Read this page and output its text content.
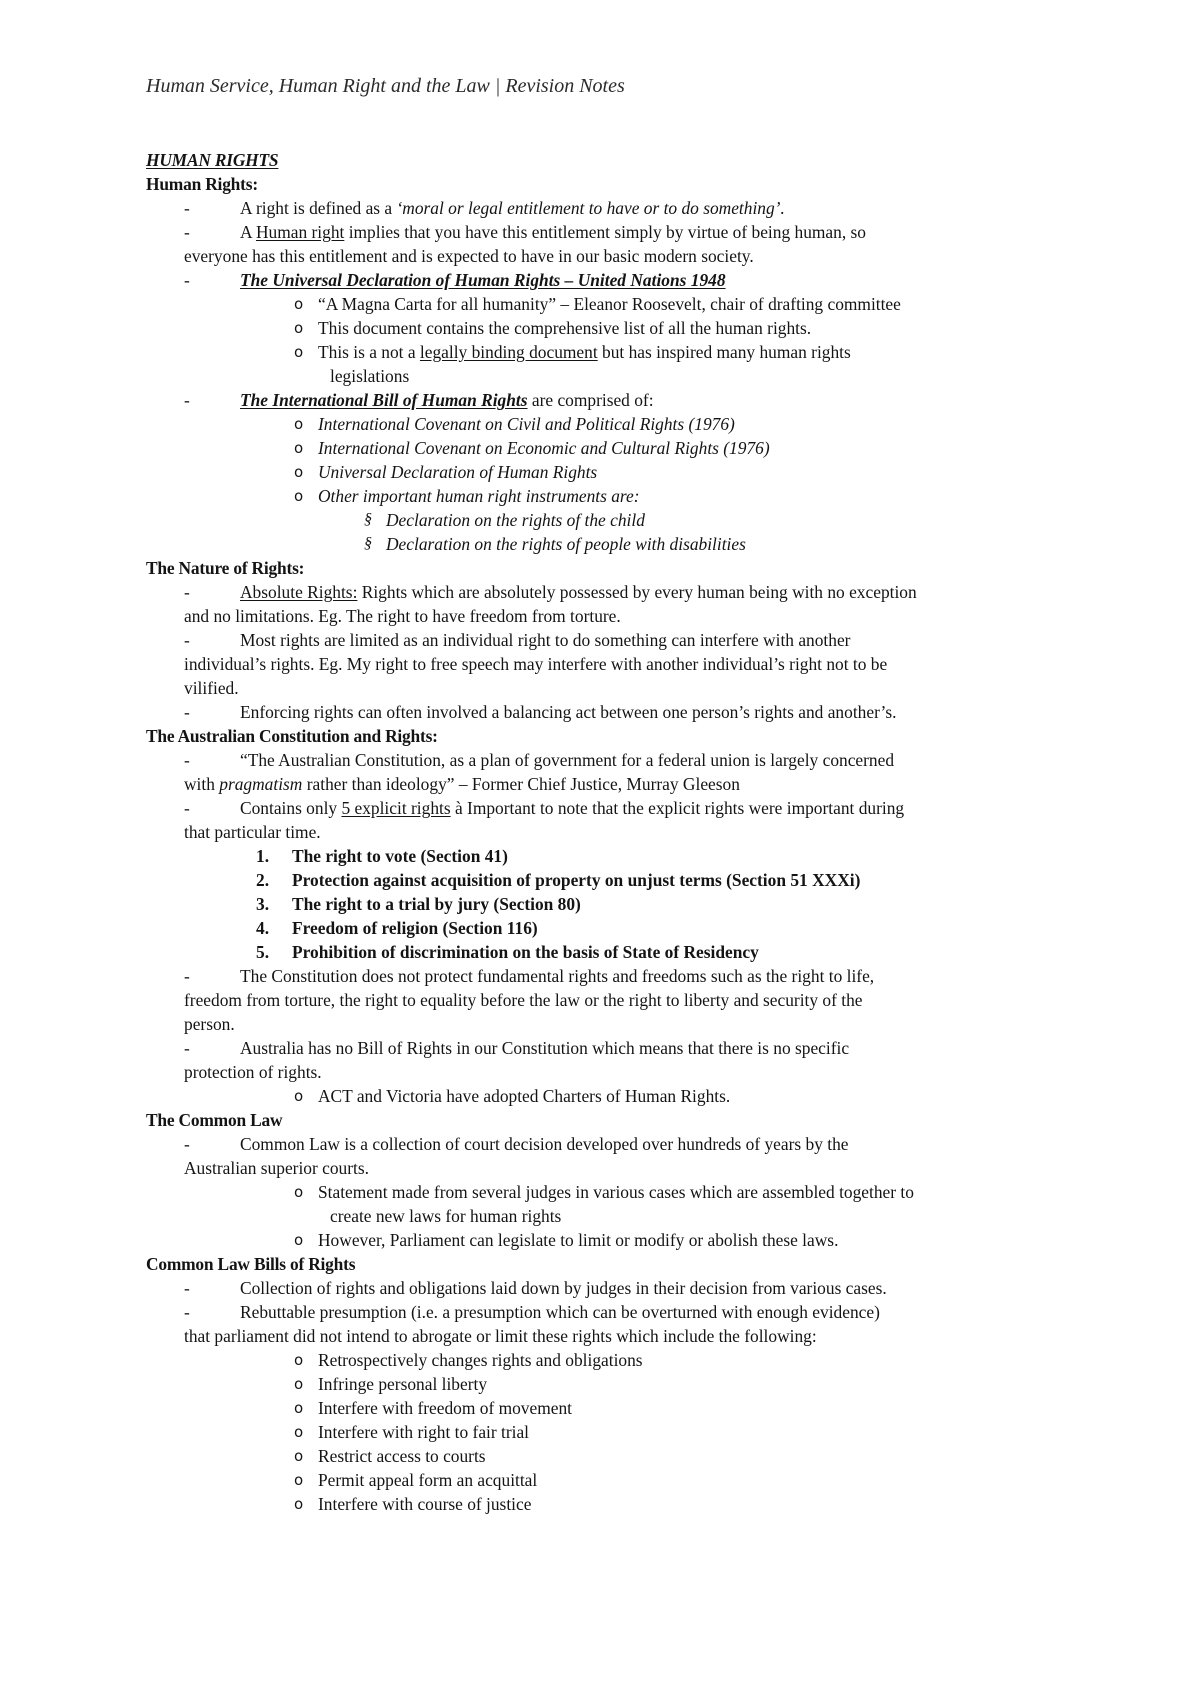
Human Service, Human Right and the Law | Revision Notes
HUMAN RIGHTS
Human Rights:
-	A right is defined as a ‘moral or legal entitlement to have or to do something’.
-	A Human right implies that you have this entitlement simply by virtue of being human, so
everyone has this entitlement and is expected to have in our basic modern society.
-	The Universal Declaration of Human Rights – United Nations 1948
o “A Magna Carta for all humanity” – Eleanor Roosevelt, chair of drafting committee
o This document contains the comprehensive list of all the human rights.
o This is a not a legally binding document but has inspired many human rights
legislations
-	The International Bill of Human Rights are comprised of:
o International Covenant on Civil and Political Rights (1976)
o International Covenant on Economic and Cultural Rights (1976)
o Universal Declaration of Human Rights
o Other important human right instruments are:
§ Declaration on the rights of the child
§ Declaration on the rights of people with disabilities
The Nature of Rights:
-	Absolute Rights: Rights which are absolutely possessed by every human being with no exception
and no limitations. Eg. The right to have freedom from torture.
-	Most rights are limited as an individual right to do something can interfere with another
individual’s rights. Eg. My right to free speech may interfere with another individual’s right not to be
vilified.
-	Enforcing rights can often involved a balancing act between one person’s rights and another’s.
The Australian Constitution and Rights:
-	“The Australian Constitution, as a plan of government for a federal union is largely concerned
with pragmatism rather than ideology” – Former Chief Justice, Murray Gleeson
-	Contains only 5 explicit rights à Important to note that the explicit rights were important during
that particular time.
1. The right to vote (Section 41)
2. Protection against acquisition of property on unjust terms (Section 51 XXXi)
3. The right to a trial by jury (Section 80)
4. Freedom of religion (Section 116)
5. Prohibition of discrimination on the basis of State of Residency
-	The Constitution does not protect fundamental rights and freedoms such as the right to life,
freedom from torture, the right to equality before the law or the right to liberty and security of the
person.
-	Australia has no Bill of Rights in our Constitution which means that there is no specific
protection of rights.
o ACT and Victoria have adopted Charters of Human Rights.
The Common Law
-	Common Law is a collection of court decision developed over hundreds of years by the
Australian superior courts.
o Statement made from several judges in various cases which are assembled together to
create new laws for human rights
o However, Parliament can legislate to limit or modify or abolish these laws.
Common Law Bills of Rights
-	Collection of rights and obligations laid down by judges in their decision from various cases.
-	Rebuttable presumption (i.e. a presumption which can be overturned with enough evidence)
that parliament did not intend to abrogate or limit these rights which include the following:
o Retrospectively changes rights and obligations
o Infringe personal liberty
o Interfere with freedom of movement
o Interfere with right to fair trial
o Restrict access to courts
o Permit appeal form an acquittal
o Interfere with course of justice
